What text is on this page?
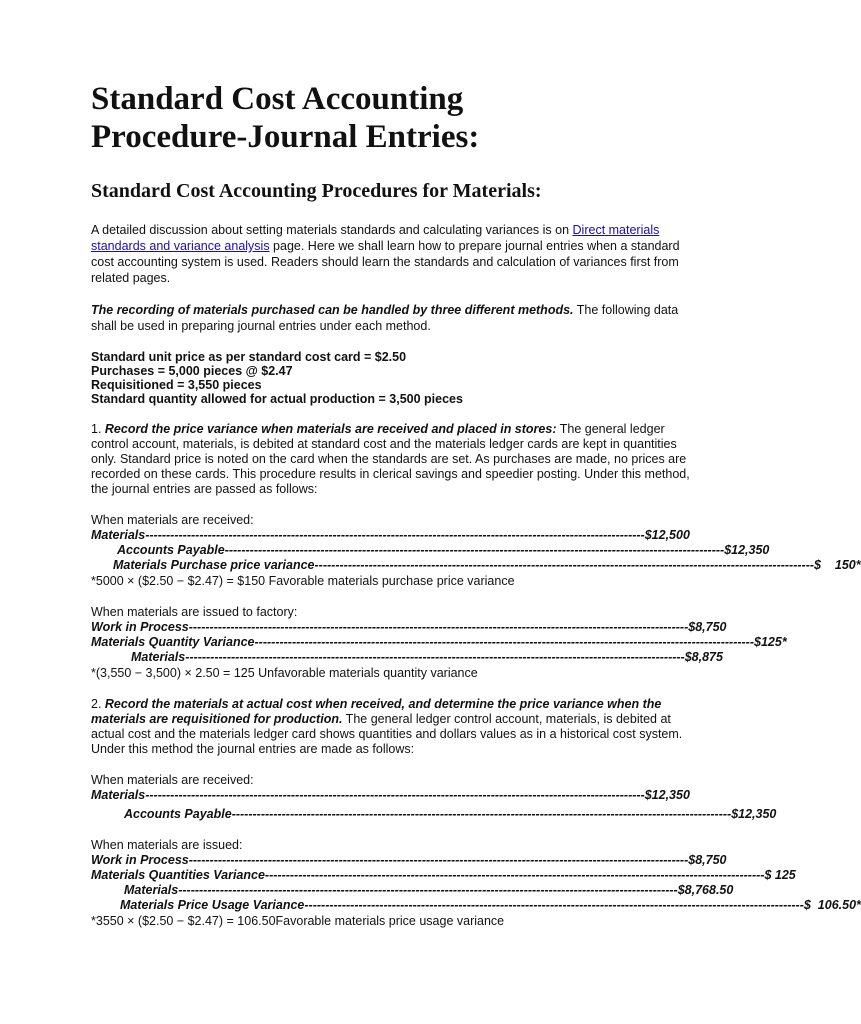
Standard Cost Accounting Procedure-Journal Entries:
Standard Cost Accounting Procedures for Materials:

A detailed discussion about setting materials standards and calculating variances is on Direct materials standards and variance analysis page. Here we shall learn how to prepare journal entries when a standard cost accounting system is used. Readers should learn the standards and calculation of variances first from related pages.

The recording of materials purchased can be handled by three different methods. The following data shall be used in preparing journal entries under each method.

Standard unit price as per standard cost card = $2.50

Purchases = 5,000 pieces @ $2.47

Requisitioned = 3,550 pieces

Standard quantity allowed for actual production = 3,500 pieces

1. Record the price variance when materials are received and placed in stores: The general ledger control account, materials, is debited at standard cost and the materials ledger cards are kept in quantities only. Standard price is noted on the card when the standards are set. As purchases are made, no prices are recorded on these cards. This procedure results in clerical savings and speedier posting. Under this method, the journal entries are passed as follows:

When materials are received:

Materials ------------------------------------------------------------------------------------------------------------------------ $12,500
Accounts Payable ------------------------------------------------------------------------------------------------------------------------ $12,350
Materials Purchase price variance ------------------------------------------------------------------------------------------------------------------------ $    150*

*5000 × ($2.50 − $2.47) = $150 Favorable materials purchase price variance

When materials are issued to factory:

Work in Process ------------------------------------------------------------------------------------------------------------------------ $8,750
Materials Quantity Variance ------------------------------------------------------------------------------------------------------------------------ $125*
Materials ------------------------------------------------------------------------------------------------------------------------ $8,875

*(3,550 − 3,500) × 2.50 = 125 Unfavorable materials quantity variance

2. Record the materials at actual cost when received, and determine the price variance when the materials are requisitioned for production. The general ledger control account, materials, is debited at actual cost and the materials ledger card shows quantities and dollars values as in a historical cost system. Under this method the journal entries are made as follows:

When materials are received:

Materials ------------------------------------------------------------------------------------------------------------------------ $12,350
Accounts Payable ------------------------------------------------------------------------------------------------------------------------ $12,350

When materials are issued:

Work in Process ------------------------------------------------------------------------------------------------------------------------ $8,750
Materials Quantities Variance ------------------------------------------------------------------------------------------------------------------------ $ 125
Materials ------------------------------------------------------------------------------------------------------------------------ $8,768.50
Materials Price Usage Variance ------------------------------------------------------------------------------------------------------------------------ $  106.50*

*3550 × ($2.50 − $2.47) = 106.50Favorable materials price usage variance
